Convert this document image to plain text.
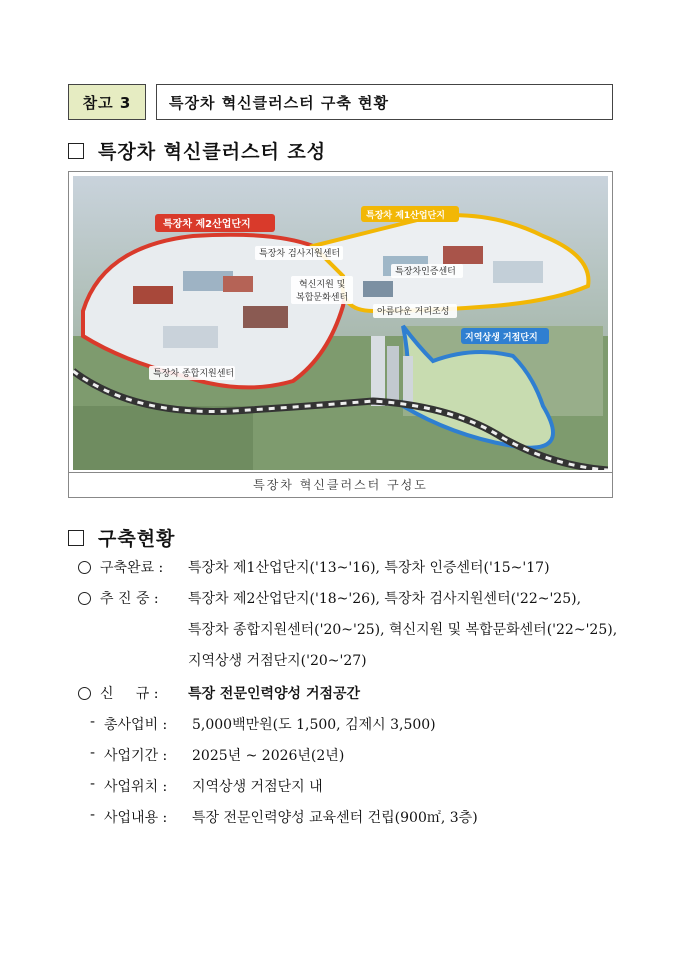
참고 3	특장차 혁신클러스터 구축 현황
특장차 혁신클러스터 조성
특장차 제2산업단지
특장차 제1산업단지
특장차 검사지원센터
특장차인증센터
혁신지원 및
복합문화센터
아름다운 거리조성
지역상생 거점단지
특장차 종합지원센터
특장차 혁신클러스터 구성도
구축현황
구축완료 : 특장차 제1산업단지('13~'16), 특장차 인증센터('15~'17)
추 진 중 : 특장차 제2산업단지('18~'26), 특장차 검사지원센터('22~'25),
특장차 종합지원센터('20~'25), 혁신지원 및 복합문화센터('22~'25),
지역상생 거점단지('20~'27)
신     규 : 특장 전문인력양성 거점공간
- 총사업비 : 5,000백만원(도 1,500, 김제시 3,500)
- 사업기간 : 2025년 ~ 2026년(2년)
- 사업위치 : 지역상생 거점단지 내
- 사업내용 : 특장 전문인력양성 교육센터 건립(900㎡, 3층)
